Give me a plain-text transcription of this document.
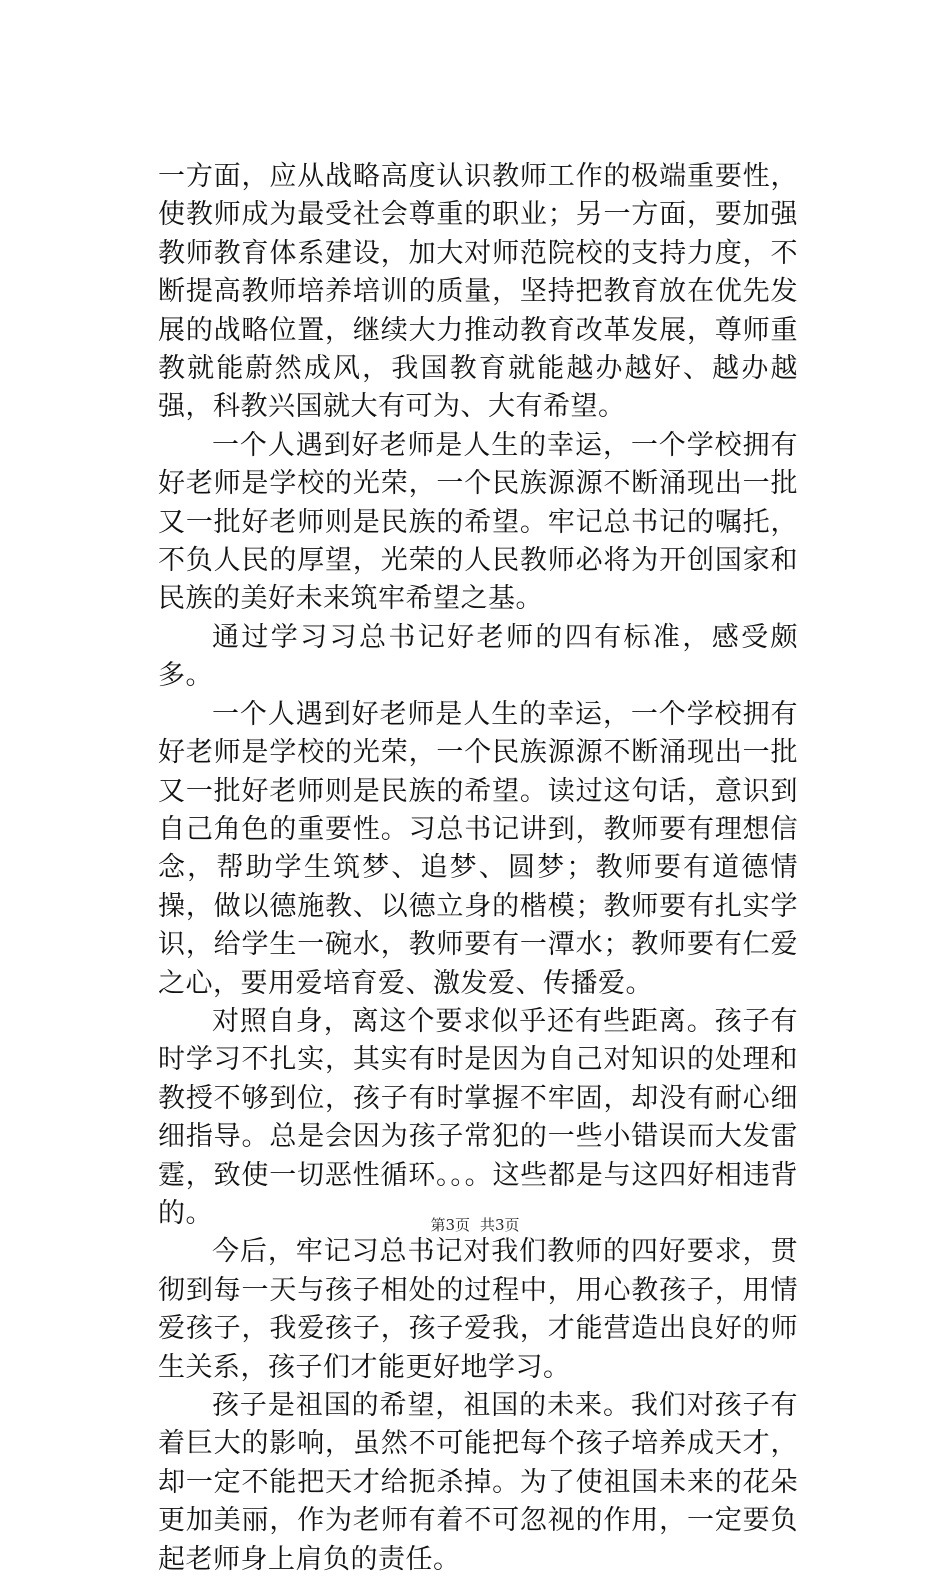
一方面，应从战略高度认识教师工作的极端重要性，使教师成为最受社会尊重的职业；另一方面，要加强教师教育体系建设，加大对师范院校的支持力度，不断提高教师培养培训的质量，坚持把教育放在优先发展的战略位置，继续大力推动教育改革发展，尊师重教就能蔚然成风，我国教育就能越办越好、越办越强，科教兴国就大有可为、大有希望。

一个人遇到好老师是人生的幸运，一个学校拥有好老师是学校的光荣，一个民族源源不断涌现出一批又一批好老师则是民族的希望。牢记总书记的嘱托，不负人民的厚望，光荣的人民教师必将为开创国家和民族的美好未来筑牢希望之基。

通过学习习总书记好老师的四有标准，感受颇多。

一个人遇到好老师是人生的幸运，一个学校拥有好老师是学校的光荣，一个民族源源不断涌现出一批又一批好老师则是民族的希望。读过这句话，意识到自己角色的重要性。习总书记讲到，教师要有理想信念，帮助学生筑梦、追梦、圆梦；教师要有道德情操，做以德施教、以德立身的楷模；教师要有扎实学识，给学生一碗水，教师要有一潭水；教师要有仁爱之心，要用爱培育爱、激发爱、传播爱。

对照自身，离这个要求似乎还有些距离。孩子有时学习不扎实，其实有时是因为自己对知识的处理和教授不够到位，孩子有时掌握不牢固，却没有耐心细细指导。总是会因为孩子常犯的一些小错误而大发雷霆，致使一切恶性循环。。。这些都是与这四好相违背的。

今后，牢记习总书记对我们教师的四好要求，贯彻到每一天与孩子相处的过程中，用心教孩子，用情爱孩子，我爱孩子，孩子爱我，才能营造出良好的师生关系，孩子们才能更好地学习。

孩子是祖国的希望，祖国的未来。我们对孩子有着巨大的影响，虽然不可能把每个孩子培养成天才，却一定不能把天才给扼杀掉。为了使祖国未来的花朵更加美丽，作为老师有着不可忽视的作用，一定要负起老师身上肩负的责任。

第3页 共3页
